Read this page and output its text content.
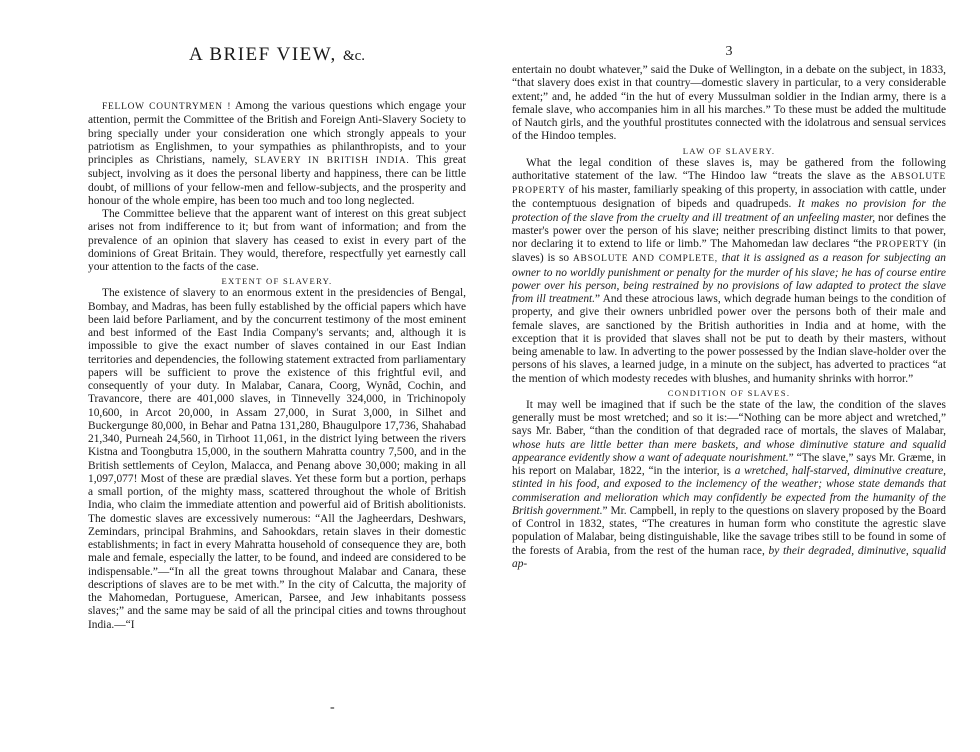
A BRIEF VIEW, &c.

FELLOW COUNTRYMEN ! Among the various questions which engage your attention, permit the Committee of the British and Foreign Anti-Slavery Society to bring specially under your consideration one which strongly appeals to your patriotism as Englishmen, to your sympathies as philanthropists, and to your principles as Christians, namely, SLAVERY IN BRITISH INDIA. This great subject, involving as it does the personal liberty and happiness, there can be little doubt, of millions of your fellow-men and fellow-subjects, and the prosperity and honour of the whole empire, has been too much and too long neglected.

The Committee believe that the apparent want of interest on this great subject arises not from indifference to it; but from want of information; and from the prevalence of an opinion that slavery has ceased to exist in every part of the dominions of Great Britain. They would, therefore, respectfully yet earnestly call your attention to the facts of the case.

EXTENT OF SLAVERY.

The existence of slavery to an enormous extent in the presidencies of Bengal, Bombay, and Madras, has been fully established by the official papers which have been laid before Parliament, and by the concurrent testimony of the most eminent and best informed of the East India Company's servants; and, although it is impossible to give the exact number of slaves contained in our East Indian territories and dependencies, the following statement extracted from parliamentary papers will be sufficient to prove the existence of this frightful evil, and consequently of your duty. In Malabar, Canara, Coorg, Wynâd, Cochin, and Travancore, there are 401,000 slaves, in Tinnevelly 324,000, in Trichinopoly 10,600, in Arcot 20,000, in Assam 27,000, in Surat 3,000, in Silhet and Buckergunge 80,000, in Behar and Patna 131,280, Bhaugulpore 17,736, Shahabad 21,340, Purneah 24,560, in Tirhoot 11,061, in the district lying between the rivers Kistna and Toongbutra 15,000, in the southern Mahratta country 7,500, and in the British settlements of Ceylon, Malacca, and Penang above 30,000; making in all 1,097,077! Most of these are prædial slaves. Yet these form but a portion, perhaps a small portion, of the mighty mass, scattered throughout the whole of British India, who claim the immediate attention and powerful aid of British abolitionists. The domestic slaves are excessively numerous: “All the Jagheerdars, Deshwars, Zemindars, principal Brahmins, and Sahookdars, retain slaves in their domestic establishments; in fact in every Mahratta household of consequence they are, both male and female, especially the latter, to be found, and indeed are considered to be indispensable.”—“In all the great towns throughout Malabar and Canara, these descriptions of slaves are to be met with.” In the city of Calcutta, the majority of the Mahomedan, Portuguese, American, Parsee, and Jew inhabitants possess slaves;” and the same may be said of all the principal cities and towns throughout India.—“I

-
3

entertain no doubt whatever,” said the Duke of Wellington, in a debate on the subject, in 1833, “that slavery does exist in that country—domestic slavery in particular, to a very considerable extent;” and, he added “in the hut of every Mussulman soldier in the Indian army, there is a female slave, who accompanies him in all his marches.” To these must be added the multitude of Nautch girls, and the youthful prostitutes connected with the idolatrous and sensual services of the Hindoo temples.

LAW OF SLAVERY.

What the legal condition of these slaves is, may be gathered from the following authoritative statement of the law. “The Hindoo law “treats the slave as the ABSOLUTE PROPERTY of his master, familiarly speaking of this property, in association with cattle, under the contemptuous designation of bipeds and quadrupeds. It makes no provision for the protection of the slave from the cruelty and ill treatment of an unfeeling master, nor defines the master's power over the person of his slave; neither prescribing distinct limits to that power, nor declaring it to extend to life or limb.” The Mahomedan law declares “the PROPERTY (in slaves) is so ABSOLUTE AND COMPLETE, that it is assigned as a reason for subjecting an owner to no worldly punishment or penalty for the murder of his slave; he has of course entire power over his person, being restrained by no provisions of law adapted to protect the slave from ill treatment.” And these atrocious laws, which degrade human beings to the condition of property, and give their owners unbridled power over the persons both of their male and female slaves, are sanctioned by the British authorities in India and at home, with the exception that it is provided that slaves shall not be put to death by their masters, without being amenable to law. In adverting to the power possessed by the Indian slave-holder over the persons of his slaves, a learned judge, in a minute on the subject, has adverted to practices “at the mention of which modesty recedes with blushes, and humanity shrinks with horror.”

CONDITION OF SLAVES.

It may well be imagined that if such be the state of the law, the condition of the slaves generally must be most wretched; and so it is:—“Nothing can be more abject and wretched,” says Mr. Baber, “than the condition of that degraded race of mortals, the slaves of Malabar, whose huts are little better than mere baskets, and whose diminutive stature and squalid appearance evidently show a want of adequate nourishment.” “The slave,” says Mr. Græme, in his report on Malabar, 1822, “in the interior, is a wretched, half-starved, diminutive creature, stinted in his food, and exposed to the inclemency of the weather; whose state demands that commiseration and melioration which may confidently be expected from the humanity of the British government.” Mr. Campbell, in reply to the questions on slavery proposed by the Board of Control in 1832, states, “The creatures in human form who constitute the agrestic slave population of Malabar, being distinguishable, like the savage tribes still to be found in some of the forests of Arabia, from the rest of the human race, by their degraded, diminutive, squalid ap-
